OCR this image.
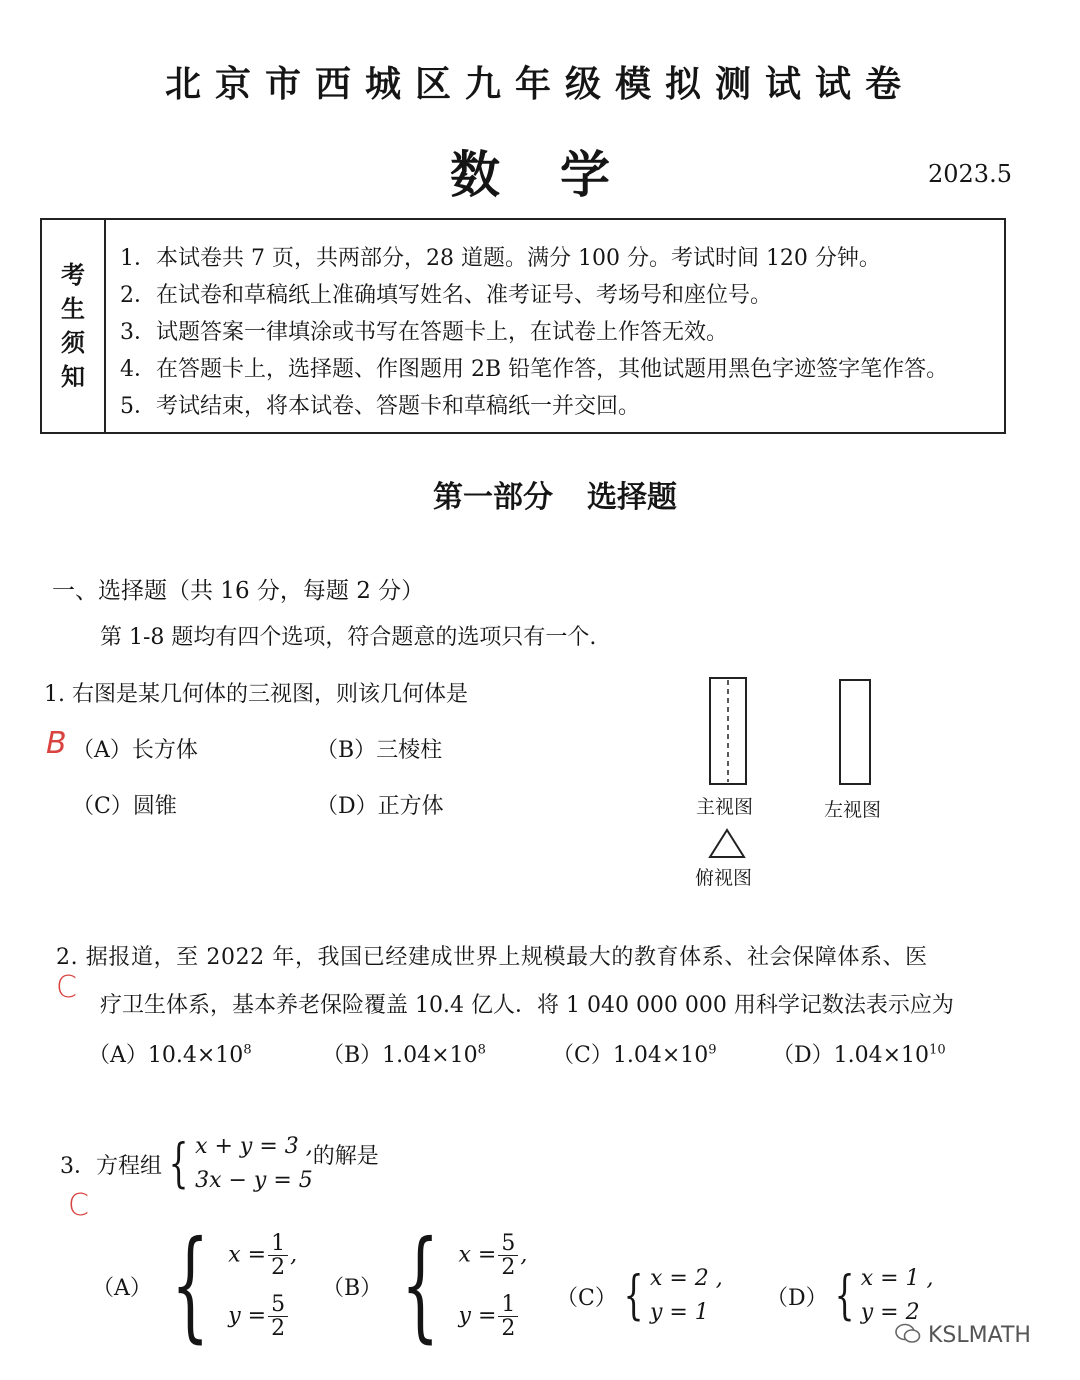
北京市西城区九年级模拟测试试卷
数学	2023.5
考
生
须
知
1．本试卷共 7 页，共两部分，28 道题。满分 100 分。考试时间 120 分钟。
2．在试卷和草稿纸上准确填写姓名、准考证号、考场号和座位号。
3．试题答案一律填涂或书写在答题卡上，在试卷上作答无效。
4．在答题卡上，选择题、作图题用 2B 铅笔作答，其他试题用黑色字迹签字笔作答。
5．考试结束，将本试卷、答题卡和草稿纸一并交回。
第一部分 选择题
一、选择题（共 16 分，每题 2 分）
第 1-8 题均有四个选项，符合题意的选项只有一个.
1. 右图是某几何体的三视图，则该几何体是
B （A）长方体	（B）三棱柱
（C）圆锥	（D）正方体	主视图	左视图
俯视图
2. 据报道，至 2022 年，我国已经建成世界上规模最大的教育体系、社会保障体系、医
C
疗卫生体系，基本养老保险覆盖 10.4 亿人．将 1 040 000 000 用科学记数法表示应为
$(A)10.4\times 10^8$	$(B)1.04\times 10^8$	$(C)1.04\times 10^9$	$(D)1.04\times 10^{10}$
3．方程组 { x + y = 3 ,
3x − y = 5
的解是
C
（A） { $x = \frac{1}{2}$ ,
$y = \frac{5}{2}$
（B） { $x = \frac{5}{2}$ ,
$y = \frac{1}{2} (C)$ { x = 2 ,
y = 1
（D） { x = 1 ,
y = 2
KSLMATH
